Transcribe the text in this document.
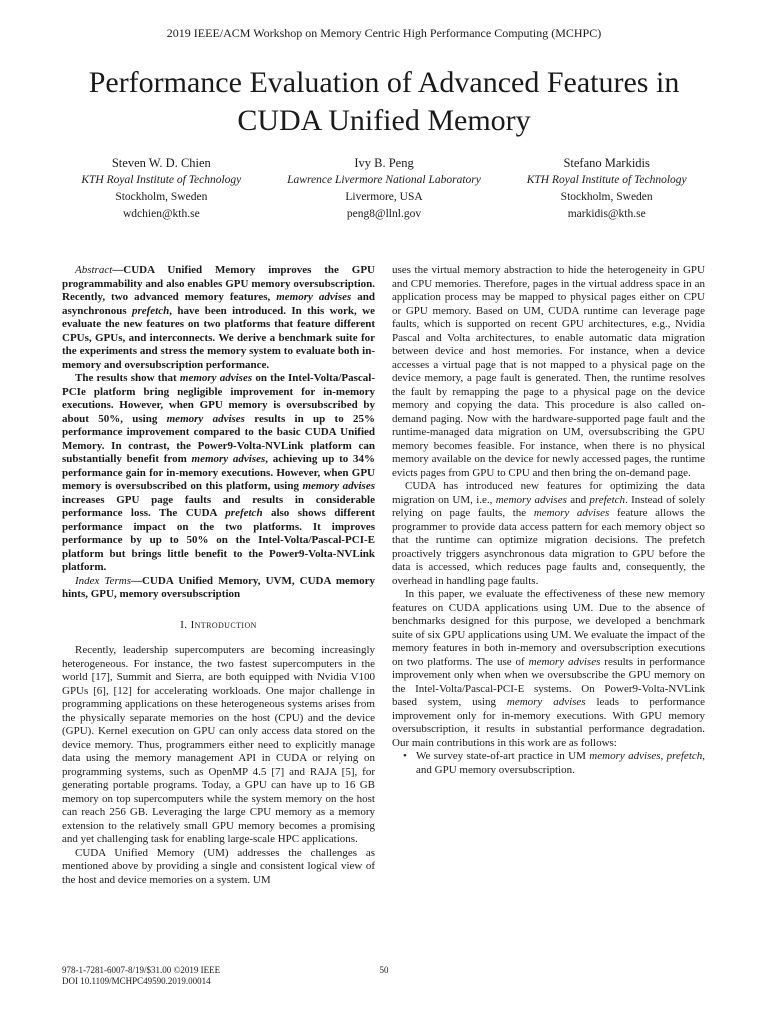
2019 IEEE/ACM Workshop on Memory Centric High Performance Computing (MCHPC)
Performance Evaluation of Advanced Features in
CUDA Unified Memory
Steven W. D. Chien
KTH Royal Institute of Technology
Stockholm, Sweden
wdchien@kth.se
Ivy B. Peng
Lawrence Livermore National Laboratory
Livermore, USA
peng8@llnl.gov
Stefano Markidis
KTH Royal Institute of Technology
Stockholm, Sweden
markidis@kth.se

Abstract—CUDA Unified Memory improves the GPU programmability and also enables GPU memory oversubscription. Recently, two advanced memory features, memory advises and asynchronous prefetch, have been introduced. In this work, we evaluate the new features on two platforms that feature different CPUs, GPUs, and interconnects. We derive a benchmark suite for the experiments and stress the memory system to evaluate both in-memory and oversubscription performance.

The results show that memory advises on the Intel-Volta/Pascal-PCIe platform bring negligible improvement for in-memory executions. However, when GPU memory is oversubscribed by about 50%, using memory advises results in up to 25% performance improvement compared to the basic CUDA Unified Memory. In contrast, the Power9-Volta-NVLink platform can substantially benefit from memory advises, achieving up to 34% performance gain for in-memory executions. However, when GPU memory is oversubscribed on this platform, using memory advises increases GPU page faults and results in considerable performance loss. The CUDA prefetch also shows different performance impact on the two platforms. It improves performance by up to 50% on the Intel-Volta/Pascal-PCI-E platform but brings little benefit to the Power9-Volta-NVLink platform.

Index Terms—CUDA Unified Memory, UVM, CUDA memory hints, GPU, memory oversubscription

I. Introduction

Recently, leadership supercomputers are becoming increasingly heterogeneous. For instance, the two fastest supercomputers in the world [17], Summit and Sierra, are both equipped with Nvidia V100 GPUs [6], [12] for accelerating workloads. One major challenge in programming applications on these heterogeneous systems arises from the physically separate memories on the host (CPU) and the device (GPU). Kernel execution on GPU can only access data stored on the device memory. Thus, programmers either need to explicitly manage data using the memory management API in CUDA or relying on programming systems, such as OpenMP 4.5 [7] and RAJA [5], for generating portable programs. Today, a GPU can have up to 16 GB memory on top supercomputers while the system memory on the host can reach 256 GB. Leveraging the large CPU memory as a memory extension to the relatively small GPU memory becomes a promising and yet challenging task for enabling large-scale HPC applications.

CUDA Unified Memory (UM) addresses the challenges as mentioned above by providing a single and consistent logical view of the host and device memories on a system. UM

uses the virtual memory abstraction to hide the heterogeneity in GPU and CPU memories. Therefore, pages in the virtual address space in an application process may be mapped to physical pages either on CPU or GPU memory. Based on UM, CUDA runtime can leverage page faults, which is supported on recent GPU architectures, e.g., Nvidia Pascal and Volta architectures, to enable automatic data migration between device and host memories. For instance, when a device accesses a virtual page that is not mapped to a physical page on the device memory, a page fault is generated. Then, the runtime resolves the fault by remapping the page to a physical page on the device memory and copying the data. This procedure is also called on-demand paging. Now with the hardware-supported page fault and the runtime-managed data migration on UM, oversubscribing the GPU memory becomes feasible. For instance, when there is no physical memory available on the device for newly accessed pages, the runtime evicts pages from GPU to CPU and then bring the on-demand page.

CUDA has introduced new features for optimizing the data migration on UM, i.e., memory advises and prefetch. Instead of solely relying on page faults, the memory advises feature allows the programmer to provide data access pattern for each memory object so that the runtime can optimize migration decisions. The prefetch proactively triggers asynchronous data migration to GPU before the data is accessed, which reduces page faults and, consequently, the overhead in handling page faults.

In this paper, we evaluate the effectiveness of these new memory features on CUDA applications using UM. Due to the absence of benchmarks designed for this purpose, we developed a benchmark suite of six GPU applications using UM. We evaluate the impact of the memory features in both in-memory and oversubscription executions on two platforms. The use of memory advises results in performance improvement only when when we oversubscribe the GPU memory on the Intel-Volta/Pascal-PCI-E systems. On Power9-Volta-NVLink based system, using memory advises leads to performance improvement only for in-memory executions. With GPU memory oversubscription, it results in substantial performance degradation. Our main contributions in this work are as follows:

• We survey state-of-art practice in UM memory advises, prefetch, and GPU memory oversubscription.

978-1-7281-6007-8/19/$31.00 ©2019 IEEE
DOI 10.1109/MCHPC49590.2019.00014
50
